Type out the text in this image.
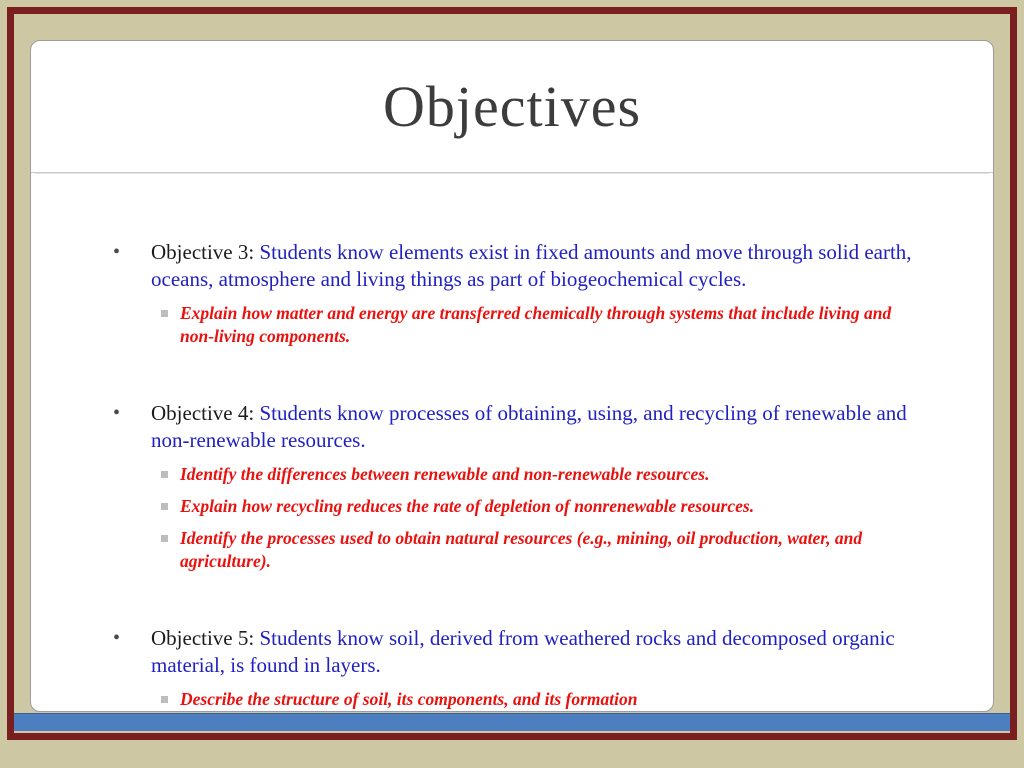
Objectives
•	Objective 3: Students know elements exist in fixed amounts and move through solid earth, oceans, atmosphere and living things as part of biogeochemical cycles.
Explain how matter and energy are transferred chemically through systems that include living and non-living components.
•	Objective 4: Students know processes of obtaining, using, and recycling of renewable and non-renewable resources.
Identify the differences between renewable and non-renewable resources.
Explain how recycling reduces the rate of depletion of nonrenewable resources.
Identify the processes used to obtain natural resources (e.g., mining, oil production, water, and agriculture).
•	Objective 5: Students know soil, derived from weathered rocks and decomposed organic material, is found in layers.
Describe the structure of soil, its components, and its formation
